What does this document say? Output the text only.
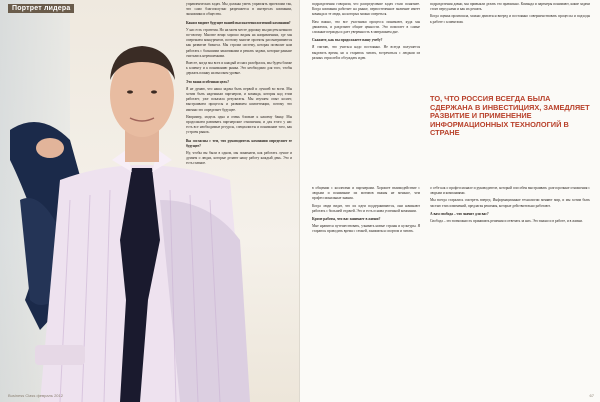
Портрет лидера

управленческих задач. Мы должны уметь управлять проектами так, что само благополучно разрешается в интересах компании, экономики и общества.

Каким видите будущее вашей высокотехнологичной компании?

У нас есть стратегия. Но на моем месте дорожку мы рисуем немного по-своему. Многие вещи хорошо видны на направлениях, где мы опережаем конкурентов, поэтому многие проекты рассматриваются как развитие бизнеса. Мы строим систему, которая позволит нам работать с большими заказчиками и решать задачи, которые раньше считались нерешаемыми.

Вместе, когда мы всех и каждый из них разобрался, мы будем ближе к клиенту и к пониманию рынка. Это необходимо для того, чтобы держать планку на высоком уровне.

Это ваша особенная цель?

Я не думаю, что наша задача быть первой и лучшей во всем. Мы хотим быть надежным партнером, и команда, которая над этим работает, уже показала результаты. Мы изучаем опыт коллег, выстраиваем процессы и развиваем компетенции, потому что именно это определяет будущее.

Например, модель одна и очень близкие к нашему банку. Мы продолжаем развивать партнерские отношения, и для этого у нас есть все необходимые ресурсы, специалисты и понимание того, как устроен рынок.

Вы согласны с тем, что руководитель компании определяет ее будущее?

Ну, чтобы вы были в одном, мы понимаем, как работать лучше и думаем о людях, которые делают нашу работу каждый день. Это и есть главное.

Business Class февраль 2012

подразделения говорили, что распределение задач стало понятнее. Когда компания работает на рынке, первостепенное значение имеет команда и те люди, на которых можно опереться.

Нам важно, что все участники процесса понимают, куда мы движемся, и разделяют общие ценности. Это помогает в самые сложные периоды и дает уверенность в завтрашнем дне.

Скажите, как вы продолжаете вашу учебу?

Я считаю, что учиться надо постоянно. Не всегда получается выделить время, но я стараюсь читать, встречаться с людьми из разных отраслей и обсуждать идеи.

в общении с коллегами и партнерами. Хорошее взаимодействие с людьми и понимание их мотивов важны не меньше, чем профессиональные знания.

Когда люди видят, что их идеи поддерживаются, они начинают работать с большей отдачей. Это и есть основа успешной компании.

Кроме работы, что вас занимает в жизни?

Мне нравится путешествовать, узнавать новые страны и культуры. Я стараюсь проводить время с семьей, заниматься спортом и читать.

подразделения давно, мы привыкли делать это правильно. Команда и партнеры понимают, какие задачи стоят перед нами и как их решать.

Когда оценка произошла, можно двигаться вперед и постоянно совершенствовать процессы и подходы к работе с клиентами.

ТО, ЧТО РОССИЯ ВСЕГДА БЫЛА СДЕРЖАНА В ИНВЕСТИЦИЯХ, ЗАМЕДЛЯЕТ РАЗВИТИЕ И ПРИМЕНЕНИЕ ИНФОРМАЦИОННЫХ ТЕХНОЛОГИЙ В СТРАНЕ

о себе как о профессионале и руководителе, который способен выстраивать долгосрочные отношения с людьми и компаниями.

Мы всегда старались смотреть вперед. Информационные технологии меняют мир, и мы хотим быть частью этих изменений, предлагая решения, которые действительно работают.

А вам свобода – что значит для вас?

Свобода – это возможность принимать решения и отвечать за них. Это важно и в работе, и в жизни.

67
